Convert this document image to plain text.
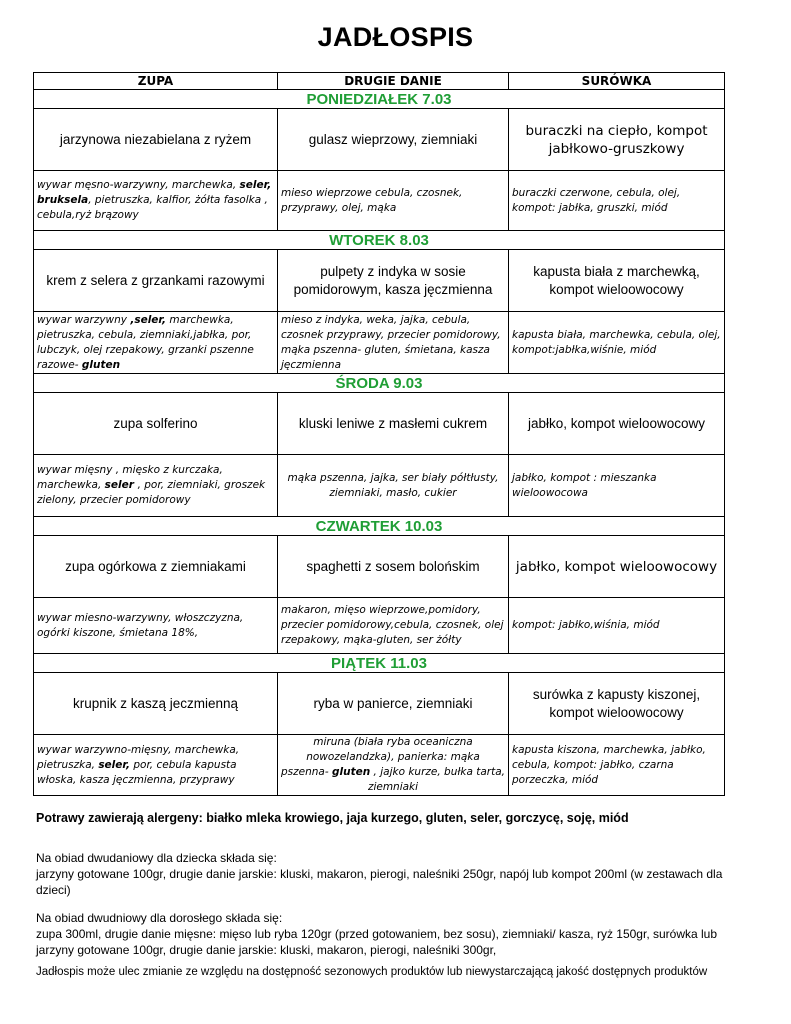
JADŁOSPIS
ZUPA	DRUGIE DANIE	SURÓWKA
PONIEDZIAŁEK 7.03		
jarzynowa niezabielana z ryżem	gulasz wieprzowy, ziemniaki	buraczki na ciepło, kompot jabłkowo-gruszkowy
wywar męsno-warzywny, marchewka, seler, bruksela, pietruszka, kalfior, żółta fasolka , cebula,ryż brązowy	mieso wieprzowe cebula, czosnek, przyprawy, olej, mąka	buraczki czerwone, cebula, olej, kompot: jabłka, gruszki, miód
WTOREK 8.03		
krem z selera z grzankami razowymi	pulpety z indyka w sosie pomidorowym, kasza jęczmienna	kapusta biała z marchewką, kompot wieloowocowy
wywar warzywny ,seler, marchewka, pietruszka, cebula, ziemniaki,jabłka, por, lubczyk, olej rzepakowy, grzanki pszenne razowe- gluten	mieso z indyka, weka, jajka, cebula, czosnek przyprawy, przecier pomidorowy, mąka pszenna- gluten, śmietana, kasza jęczmienna	kapusta biała, marchewka, cebula, olej, kompot:jabłka,wiśnie, miód
ŚRODA 9.03		
zupa solferino	kluski leniwe z masłemi cukrem	jabłko, kompot wieloowocowy
wywar mięsny , mięsko z kurczaka, marchewka, seler , por, ziemniaki, groszek zielony, przecier pomidorowy	mąka pszenna, jajka, ser biały półtłusty, ziemniaki, masło, cukier	jabłko, kompot : mieszanka wieloowocowa
CZWARTEK 10.03		
zupa ogórkowa z ziemniakami	spaghetti z sosem bolońskim	jabłko, kompot wieloowocowy
wywar miesno-warzywny, włoszczyzna, ogórki kiszone, śmietana 18%,	makaron, mięso wieprzowe,pomidory, przecier pomidorowy,cebula, czosnek, olej rzepakowy, mąka-gluten, ser żółty	kompot: jabłko,wiśnia, miód
PIĄTEK 11.03		
krupnik z kaszą jeczmienną	ryba w panierce, ziemniaki	surówka z kapusty kiszonej, kompot wieloowocowy
wywar warzywno-mięsny, marchewka, pietruszka, seler, por, cebula kapusta włoska, kasza jęczmienna, przyprawy	miruna (biała ryba oceaniczna nowozelandzka), panierka: mąka pszenna- gluten , jajko kurze, bułka tarta, ziemniaki	kapusta kiszona, marchewka, jabłko, cebula, kompot: jabłko, czarna porzeczka, miód
Potrawy zawierają alergeny: białko mleka krowiego, jaja kurzego, gluten, seler, gorczycę, soję, miód
Na obiad dwudaniowy dla dziecka składa się:
jarzyny gotowane 100gr, drugie danie jarskie: kluski, makaron, pierogi, naleśniki 250gr, napój lub kompot 200ml (w zestawach dla dzieci)
Na obiad dwudniowy dla dorosłego składa się:
zupa 300ml, drugie danie mięsne: mięso lub ryba 120gr (przed gotowaniem, bez sosu), ziemniaki/ kasza, ryż 150gr, surówka lub
jarzyny gotowane 100gr, drugie danie jarskie: kluski, makaron, pierogi, naleśniki 300gr,
Jadłospis może ulec zmianie ze względu na dostępność sezonowych produktów lub niewystarczającą jakość dostępnych produktów
